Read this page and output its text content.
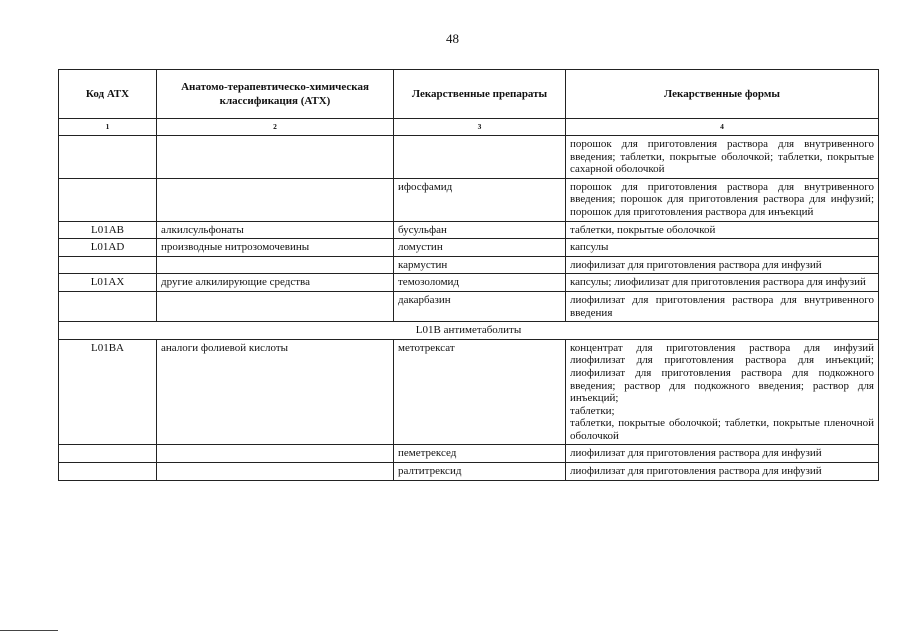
48
Код АТХ	Анатомо-терапевтическо-химическая классификация (АТХ)	Лекарственные препараты	Лекарственные формы
1	2	3	4
			порошок для приготовления раствора для внутривенного введения; таблетки, покрытые оболочкой; таблетки, покрытые сахарной оболочкой
		ифосфамид	порошок для приготовления раствора для внутривенного введения; порошок для приготовления раствора для инфузий; порошок для приготовления раствора для инъекций
L01AB	алкилсульфонаты	бусульфан	таблетки, покрытые оболочкой
L01AD	производные нитрозомочевины	ломустин	капсулы
		кармустин	лиофилизат для приготовления раствора для инфузий
L01AX	другие алкилирующие средства	темозоломид	капсулы; лиофилизат для приготовления раствора для инфузий
		дакарбазин	лиофилизат для приготовления раствора для внутривенного введения
L01B антиметаболиты			
L01BA	аналоги фолиевой кислоты	метотрексат	концентрат для приготовления раствора для инфузий лиофилизат для приготовления раствора для инъекций; лиофилизат для приготовления раствора для подкожного введения; раствор для подкожного введения; раствор для инъекций;
таблетки;
таблетки, покрытые оболочкой; таблетки, покрытые пленочной оболочкой

		пеметрексед	лиофилизат для приготовления раствора для инфузий
		ралтитрексид	лиофилизат для приготовления раствора для инфузий
